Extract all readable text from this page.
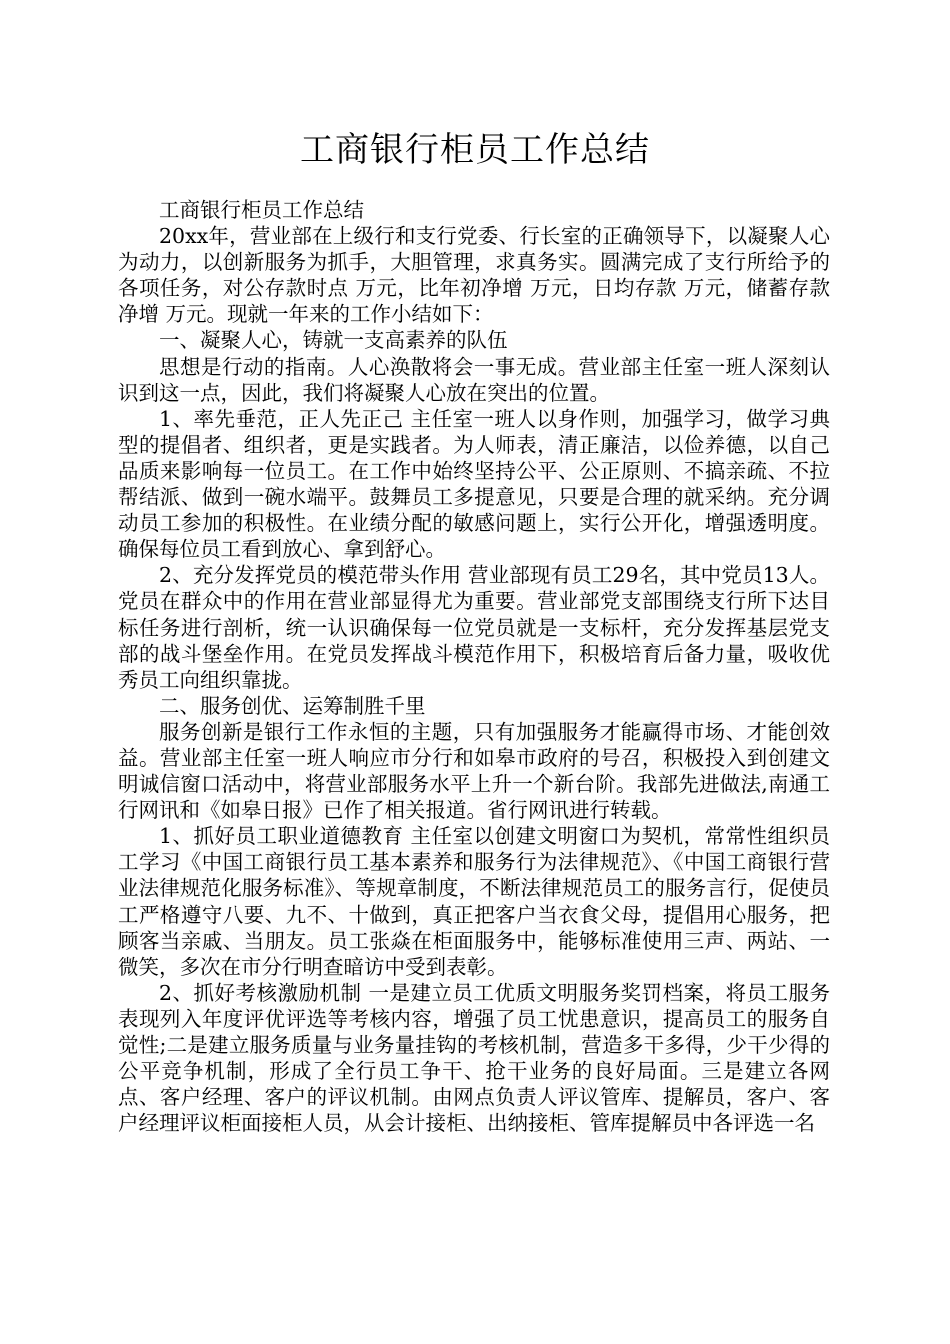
工商银行柜员工作总结

工商银行柜员工作总结

20xx年，营业部在上级行和支行党委、行长室的正确领导下，以凝聚人心为动力，以创新服务为抓手，大胆管理，求真务实。圆满完成了支行所给予的各项任务，对公存款时点 万元，比年初净增 万元，日均存款 万元，储蓄存款净增 万元。现就一年来的工作小结如下：

一、凝聚人心，铸就一支高素养的队伍

思想是行动的指南。人心涣散将会一事无成。营业部主任室一班人深刻认识到这一点，因此，我们将凝聚人心放在突出的位置。

1、率先垂范，正人先正己 主任室一班人以身作则，加强学习，做学习典型的提倡者、组织者，更是实践者。为人师表，清正廉洁，以俭养德，以自己品质来影响每一位员工。在工作中始终坚持公平、公正原则、不搞亲疏、不拉帮结派、做到一碗水端平。鼓舞员工多提意见，只要是合理的就采纳。充分调动员工参加的积极性。在业绩分配的敏感问题上，实行公开化，增强透明度。确保每位员工看到放心、拿到舒心。

2、充分发挥党员的模范带头作用 营业部现有员工29名，其中党员13人。党员在群众中的作用在营业部显得尤为重要。营业部党支部围绕支行所下达目标任务进行剖析，统一认识确保每一位党员就是一支标杆，充分发挥基层党支部的战斗堡垒作用。在党员发挥战斗模范作用下，积极培育后备力量，吸收优秀员工向组织靠拢。

二、服务创优、运筹制胜千里

服务创新是银行工作永恒的主题，只有加强服务才能赢得市场、才能创效益。营业部主任室一班人响应市分行和如皋市政府的号召，积极投入到创建文明诚信窗口活动中，将营业部服务水平上升一个新台阶。我部先进做法,南通工行网讯和《如皋日报》已作了相关报道。省行网讯进行转载。

1、抓好员工职业道德教育 主任室以创建文明窗口为契机，常常性组织员工学习《中国工商银行员工基本素养和服务行为法律规范》、《中国工商银行营业法律规范化服务标准》、等规章制度，不断法律规范员工的服务言行，促使员工严格遵守八要、九不、十做到，真正把客户当衣食父母，提倡用心服务，把顾客当亲戚、当朋友。员工张焱在柜面服务中，能够标准使用三声、两站、一微笑，多次在市分行明查暗访中受到表彰。

2、抓好考核激励机制 一是建立员工优质文明服务奖罚档案，将员工服务表现列入年度评优评选等考核内容，增强了员工忧患意识，提高员工的服务自觉性;二是建立服务质量与业务量挂钩的考核机制，营造多干多得，少干少得的公平竞争机制，形成了全行员工争干、抢干业务的良好局面。三是建立各网点、客户经理、客户的评议机制。由网点负责人评议管库、提解员，客户、客户经理评议柜面接柜人员，从会计接柜、出纳接柜、管库提解员中各评选一名
